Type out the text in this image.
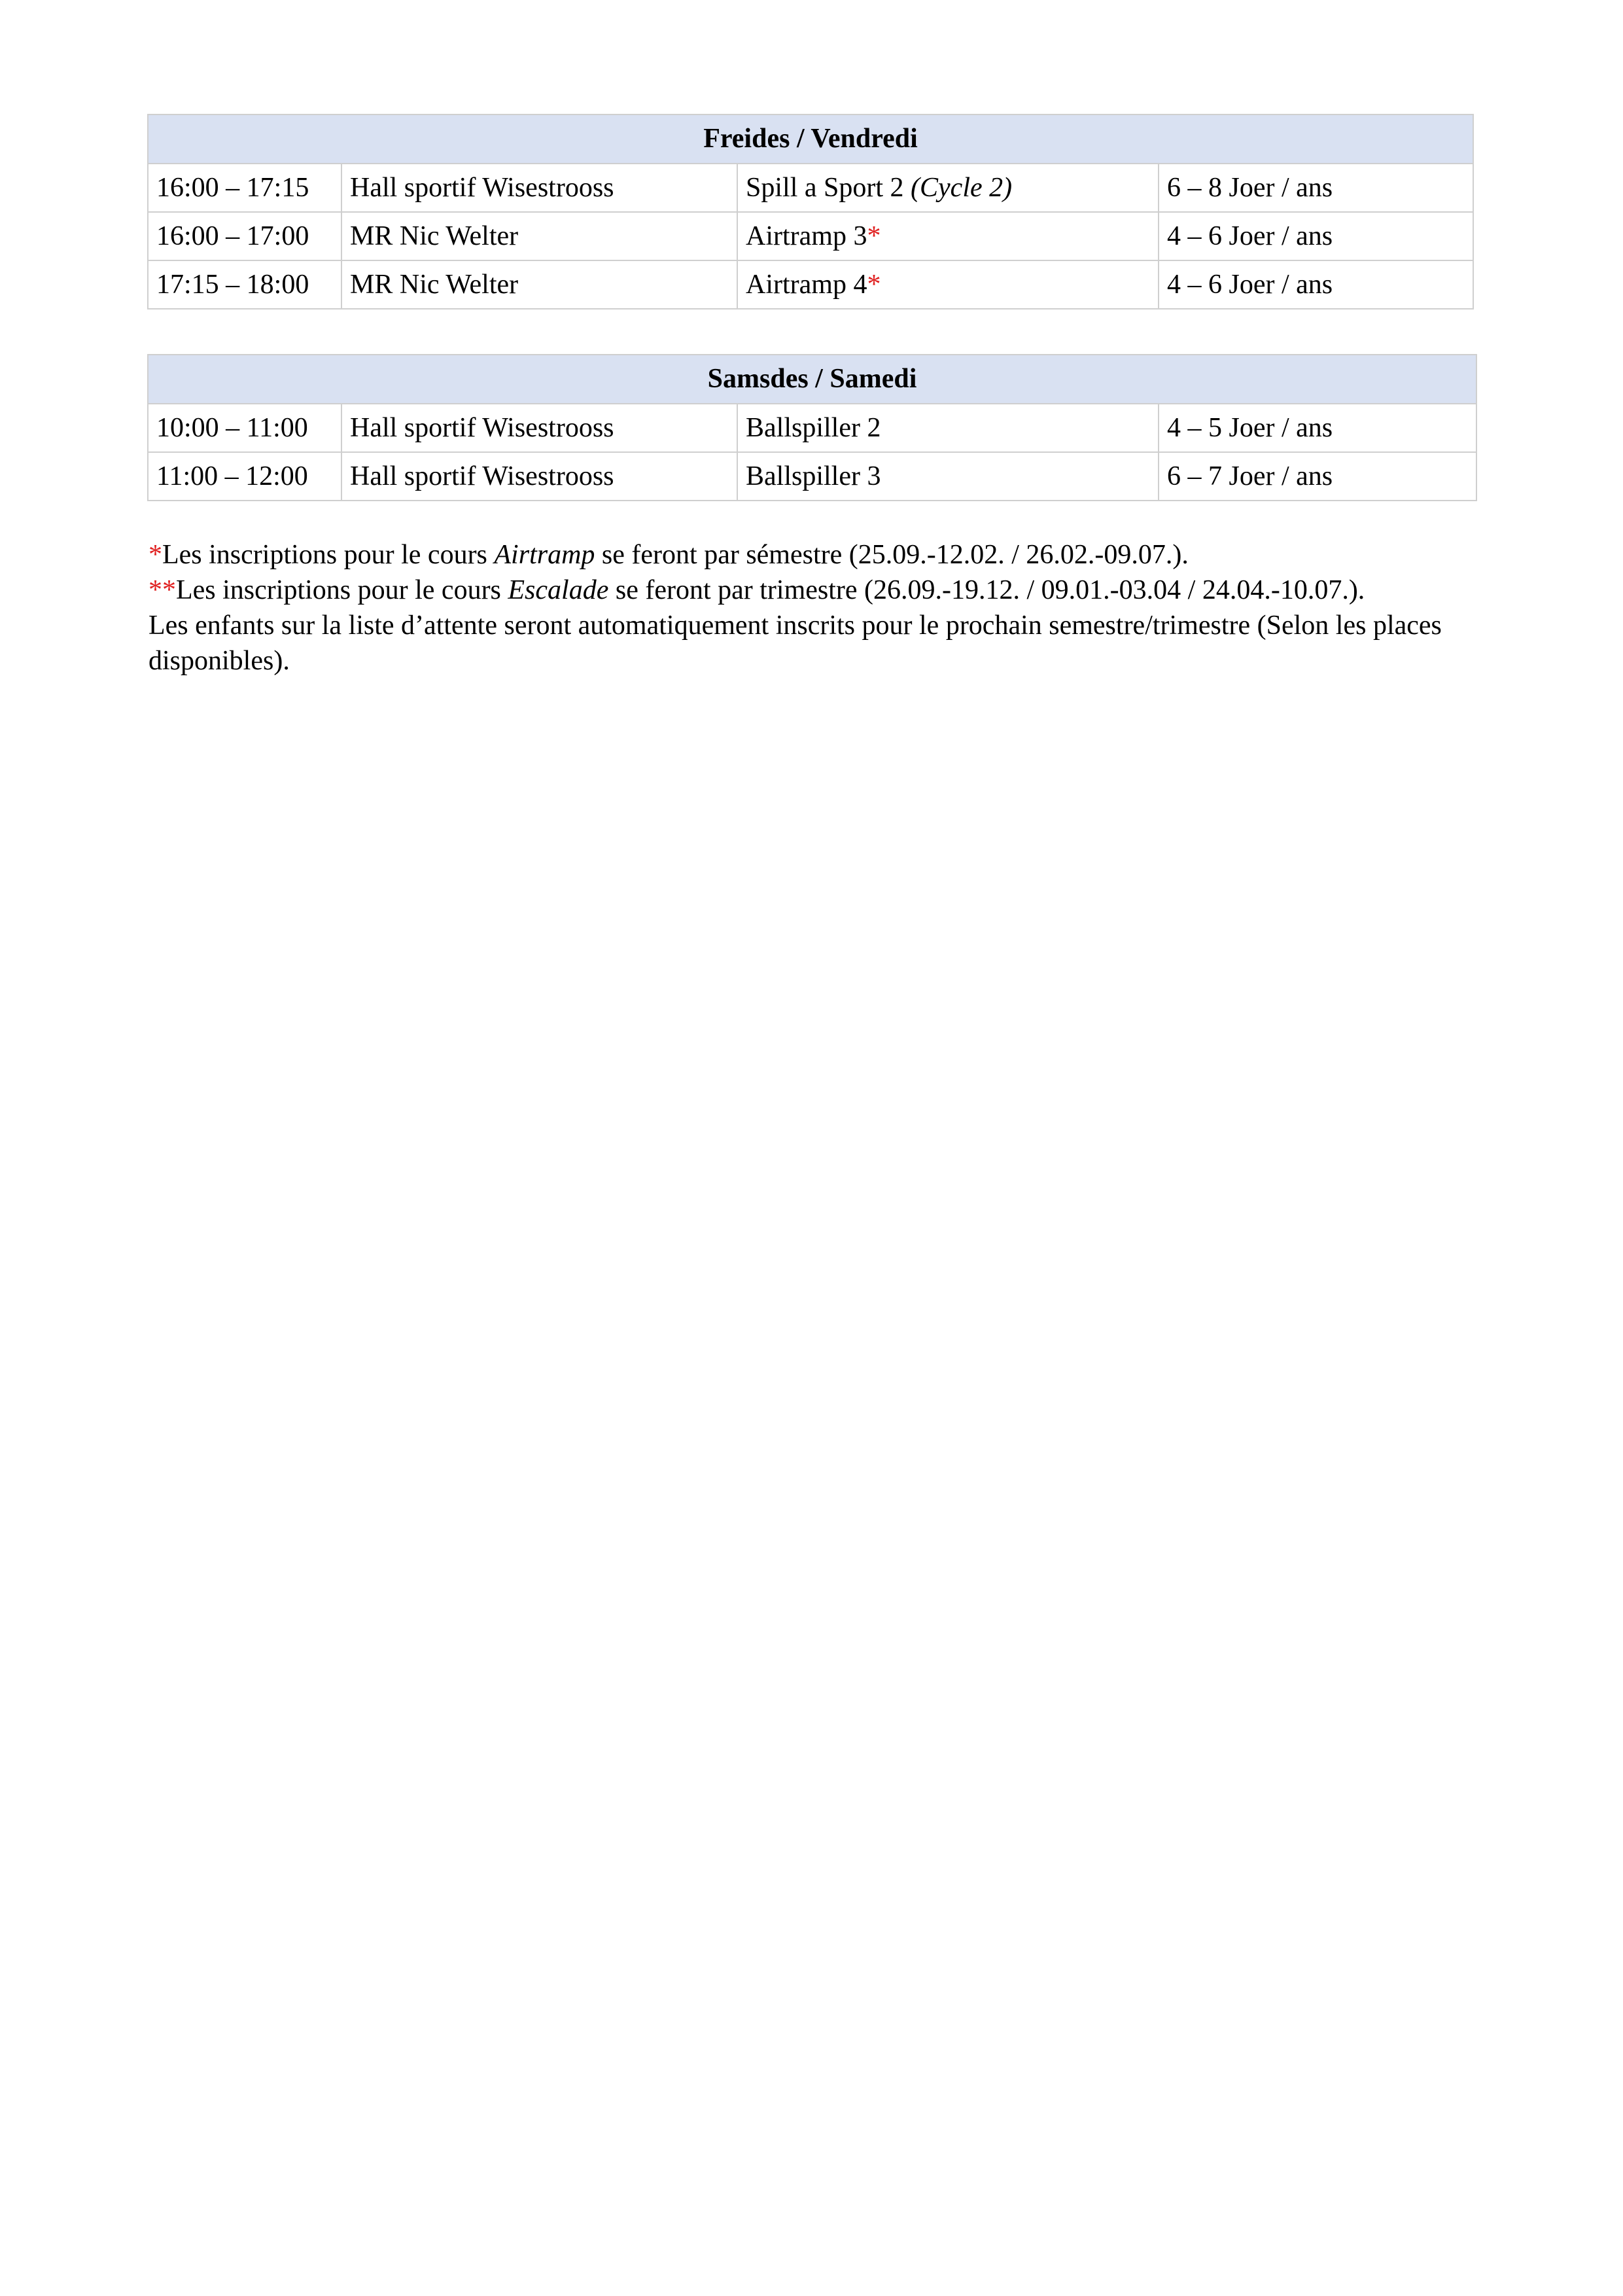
Freides / Vendredi			
16:00 – 17:15	Hall sportif Wisestrooss	Spill a Sport 2 (Cycle 2)	6 – 8 Joer / ans
16:00 – 17:00	MR Nic Welter	Airtramp 3*	4 – 6 Joer / ans
17:15 – 18:00	MR Nic Welter	Airtramp 4*	4 – 6 Joer / ans
Samsdes / Samedi			
10:00 – 11:00	Hall sportif Wisestrooss	Ballspiller 2	4 – 5 Joer / ans
11:00 – 12:00	Hall sportif Wisestrooss	Ballspiller 3	6 – 7 Joer / ans

*Les inscriptions pour le cours Airtramp se feront par sémestre (25.09.-12.02. / 26.02.-09.07.).

**Les inscriptions pour le cours Escalade se feront par trimestre (26.09.-19.12. / 09.01.-03.04 / 24.04.-10.07.).

Les enfants sur la liste d’attente seront automatiquement inscrits pour le prochain semestre/trimestre (Selon les places disponibles).
